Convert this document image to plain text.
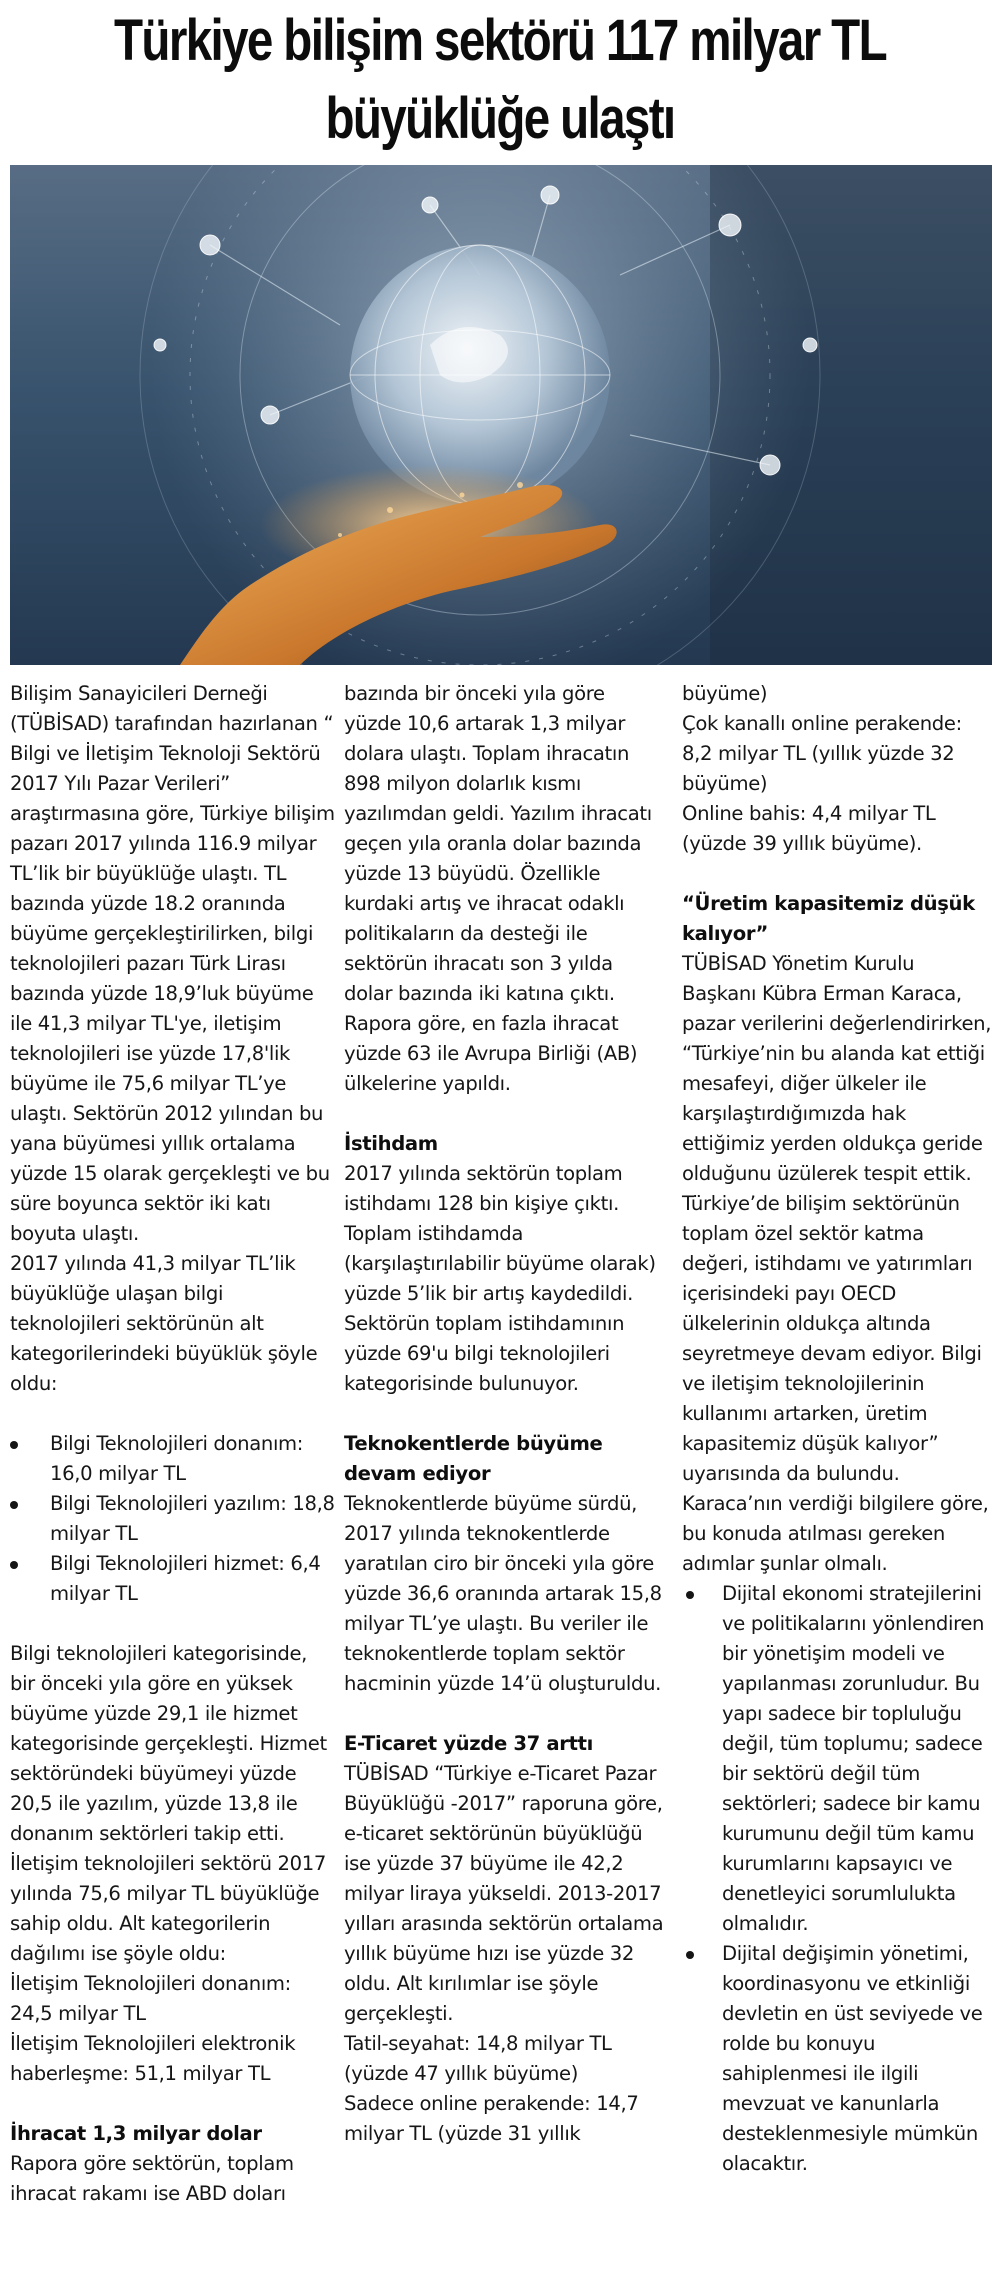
Türkiye bilişim sektörü 117 milyar TL
büyüklüğe ulaştı

Bilişim Sanayicileri Derneği (TÜBİSAD) tarafından hazırlanan “ Bilgi ve İletişim Teknoloji Sektörü 2017 Yılı Pazar Verileri” araştırmasına göre, Türkiye bilişim pazarı 2017 yılında 116.9 milyar TL’lik bir büyüklüğe ulaştı. TL bazında yüzde 18.2 oranında büyüme gerçekleştirilirken, bilgi teknolojileri pazarı Türk Lirası bazında yüzde 18,9’luk büyüme ile 41,3 milyar TL'ye, iletişim teknolojileri ise yüzde 17,8'lik büyüme ile 75,6 milyar TL’ye ulaştı. Sektörün 2012 yılından bu yana büyümesi yıllık ortalama yüzde 15 olarak gerçekleşti ve bu süre boyunca sektör iki katı boyuta ulaştı.

2017 yılında 41,3 milyar TL’lik büyüklüğe ulaşan bilgi teknolojileri sektörünün alt kategorilerindeki büyüklük şöyle oldu:

Bilgi Teknolojileri donanım: 16,0 milyar TL
Bilgi Teknolojileri yazılım: 18,8 milyar TL
Bilgi Teknolojileri hizmet: 6,4 milyar TL

Bilgi teknolojileri kategorisinde, bir önceki yıla göre en yüksek büyüme yüzde 29,1 ile hizmet kategorisinde gerçekleşti. Hizmet sektöründeki büyümeyi yüzde 20,5 ile yazılım, yüzde 13,8 ile donanım sektörleri takip etti.

İletişim teknolojileri sektörü 2017 yılında 75,6 milyar TL büyüklüğe sahip oldu. Alt kategorilerin dağılımı ise şöyle oldu:

İletişim Teknolojileri donanım: 24,5 milyar TL

İletişim Teknolojileri elektronik haberleşme: 51,1 milyar TL

İhracat 1,3 milyar dolar

Rapora göre sektörün, toplam ihracat rakamı ise ABD doları

bazında bir önceki yıla göre yüzde 10,6 artarak 1,3 milyar dolara ulaştı. Toplam ihracatın 898 milyon dolarlık kısmı yazılımdan geldi. Yazılım ihracatı geçen yıla oranla dolar bazında yüzde 13 büyüdü. Özellikle kurdaki artış ve ihracat odaklı politikaların da desteği ile sektörün ihracatı son 3 yılda dolar bazında iki katına çıktı. Rapora göre, en fazla ihracat yüzde 63 ile Avrupa Birliği (AB) ülkelerine yapıldı.

İstihdam

2017 yılında sektörün toplam istihdamı 128 bin kişiye çıktı. Toplam istihdamda (karşılaştırılabilir büyüme olarak) yüzde 5’lik bir artış kaydedildi. Sektörün toplam istihdamının yüzde 69'u bilgi teknolojileri kategorisinde bulunuyor.

Teknokentlerde büyüme devam ediyor

Teknokentlerde büyüme sürdü, 2017 yılında teknokentlerde yaratılan ciro bir önceki yıla göre yüzde 36,6 oranında artarak 15,8 milyar TL’ye ulaştı. Bu veriler ile teknokentlerde toplam sektör hacminin yüzde 14’ü oluşturuldu.

E-Ticaret yüzde 37 arttı

TÜBİSAD “Türkiye e-Ticaret Pazar Büyüklüğü -2017” raporuna göre, e-ticaret sektörünün büyüklüğü ise yüzde 37 büyüme ile 42,2 milyar liraya yükseldi. 2013-2017 yılları arasında sektörün ortalama yıllık büyüme hızı ise yüzde 32 oldu. Alt kırılımlar ise şöyle gerçekleşti.

Tatil-seyahat: 14,8 milyar TL (yüzde 47 yıllık büyüme)

Sadece online perakende: 14,7 milyar TL (yüzde 31 yıllık

büyüme)

Çok kanallı online perakende: 8,2 milyar TL (yıllık yüzde 32 büyüme)

Online bahis: 4,4 milyar TL (yüzde 39 yıllık büyüme).

“Üretim kapasitemiz düşük kalıyor”

TÜBİSAD Yönetim Kurulu Başkanı Kübra Erman Karaca, pazar verilerini değerlendirirken, “Türkiye’nin bu alanda kat ettiği mesafeyi, diğer ülkeler ile karşılaştırdığımızda hak ettiğimiz yerden oldukça geride olduğunu üzülerek tespit ettik. Türkiye’de bilişim sektörünün toplam özel sektör katma değeri, istihdamı ve yatırımları içerisindeki payı OECD ülkelerinin oldukça altında seyretmeye devam ediyor. Bilgi ve iletişim teknolojilerinin kullanımı artarken, üretim kapasitemiz düşük kalıyor” uyarısında da bulundu. Karaca’nın verdiği bilgilere göre, bu konuda atılması gereken adımlar şunlar olmalı.

Dijital ekonomi stratejilerini ve politikalarını yönlendiren bir yönetişim modeli ve yapılanması zorunludur. Bu yapı sadece bir topluluğu değil, tüm toplumu; sadece bir sektörü değil tüm sektörleri; sadece bir kamu kurumunu değil tüm kamu kurumlarını kapsayıcı ve denetleyici sorumlulukta olmalıdır.
Dijital değişimin yönetimi, koordinasyonu ve etkinliği devletin en üst seviyede ve rolde bu konuyu sahiplenmesi ile ilgili mevzuat ve kanunlarla desteklenmesiyle mümkün olacaktır.
